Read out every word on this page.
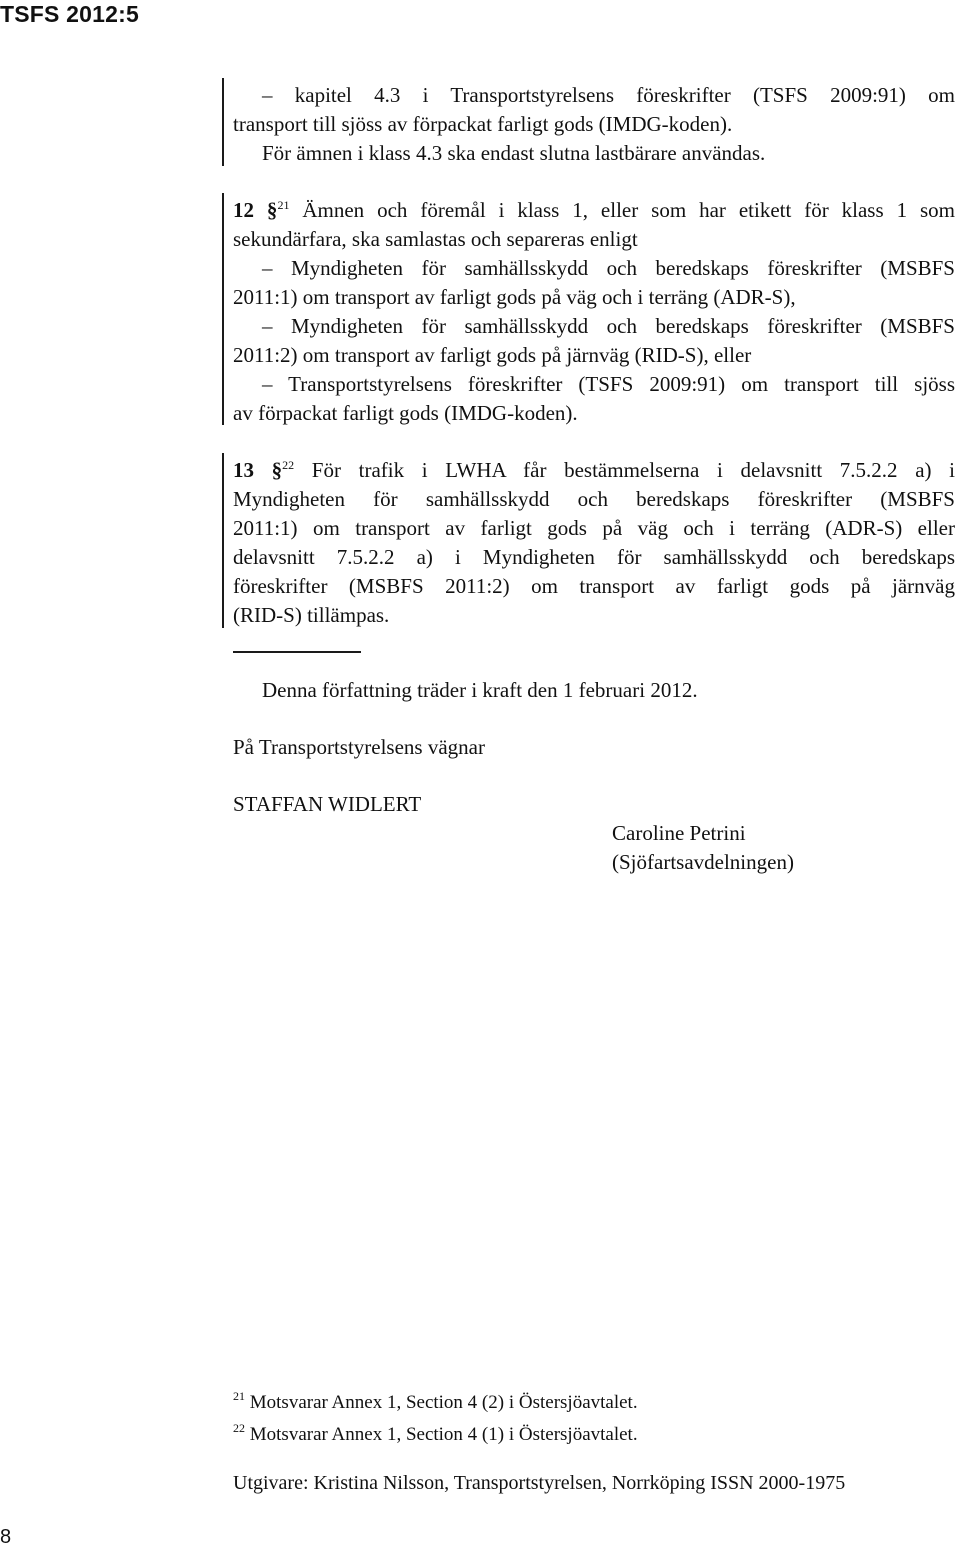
TSFS 2012:5
– kapitel 4.3 i Transportstyrelsens föreskrifter (TSFS 2009:91) om
transport till sjöss av förpackat farligt gods (IMDG-koden).
För ämnen i klass 4.3 ska endast slutna lastbärare användas.
12 §$^{21}$ Ämnen och föremål i klass 1, eller som har etikett för klass 1 som
sekundärfara, ska samlastas och separeras enligt
– Myndigheten för samhällsskydd och beredskaps föreskrifter (MSBFS
2011:1) om transport av farligt gods på väg och i terräng (ADR-S),
– Myndigheten för samhällsskydd och beredskaps föreskrifter (MSBFS
2011:2) om transport av farligt gods på järnväg (RID-S), eller
– Transportstyrelsens föreskrifter (TSFS 2009:91) om transport till sjöss
av förpackat farligt gods (IMDG-koden).
13 §$^{22}$ För trafik i LWHA får bestämmelserna i delavsnitt 7.5.2.2 a) i
Myndigheten för samhällsskydd och beredskaps föreskrifter (MSBFS
2011:1) om transport av farligt gods på väg och i terräng (ADR-S) eller
delavsnitt 7.5.2.2 a) i Myndigheten för samhällsskydd och beredskaps
föreskrifter (MSBFS 2011:2) om transport av farligt gods på järnväg
(RID-S) tillämpas.
Denna författning träder i kraft den 1 februari 2012.
På Transportstyrelsens vägnar
STAFFAN WIDLERT
Caroline Petrini
(Sjöfartsavdelningen)
$^{21}$ Motsvarar Annex 1, Section 4 (2) i Östersjöavtalet.
$^{22}$ Motsvarar Annex 1, Section 4 (1) i Östersjöavtalet.
Utgivare: Kristina Nilsson, Transportstyrelsen, Norrköping ISSN 2000-1975
8
